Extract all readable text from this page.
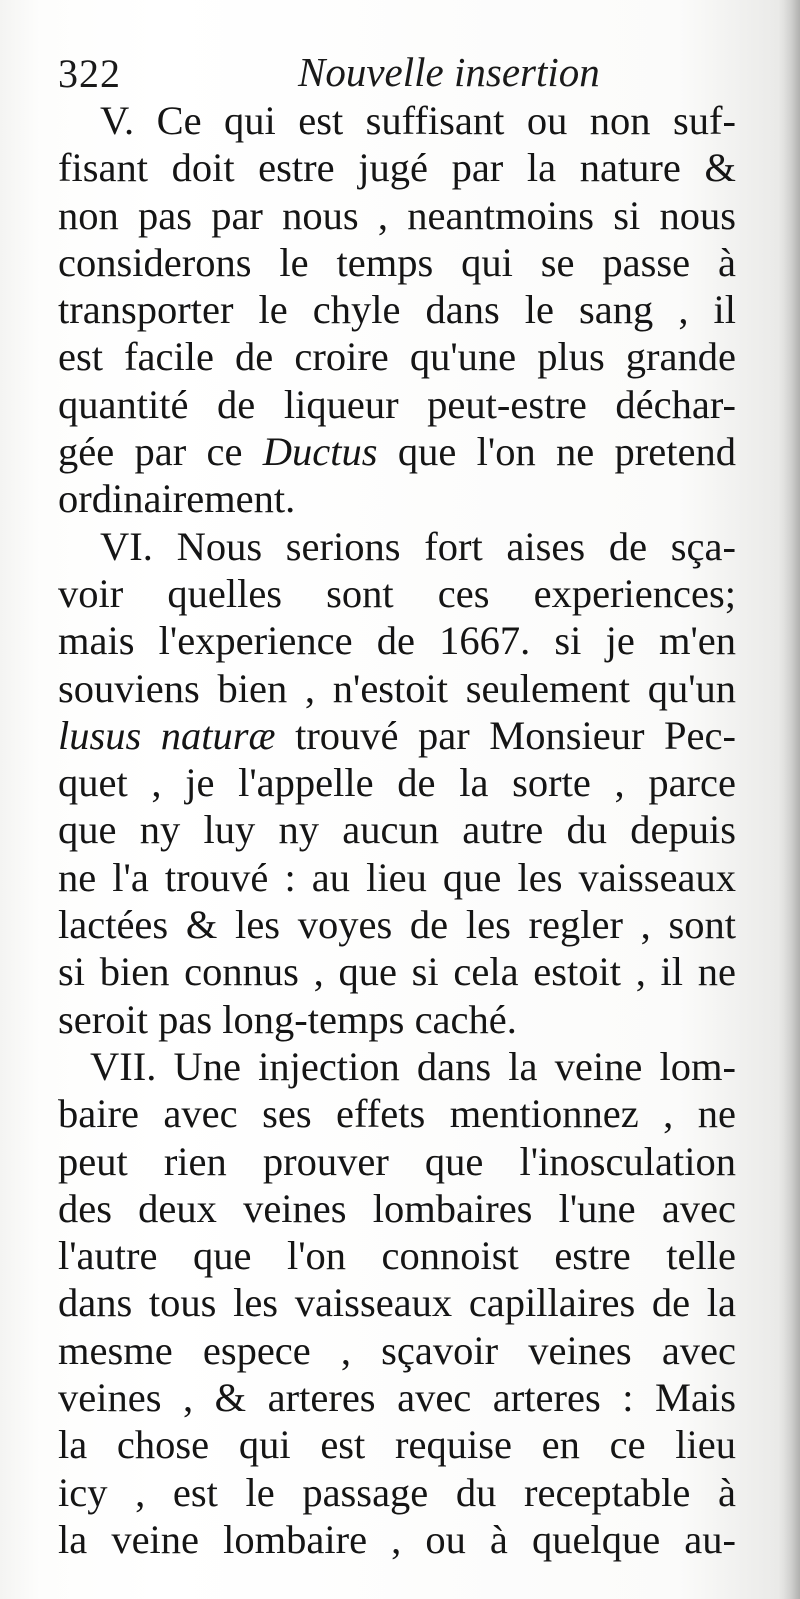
322	Nouvelle insertion
V. Ce qui est suffisant ou non suf-
fisant doit estre jugé par la nature &
non pas par nous , neantmoins si nous
considerons le temps qui se passe à
transporter le chyle dans le sang , il
est facile de croire qu'une plus grande
quantité de liqueur peut-estre déchar-
gée par ce Ductus que l'on ne pretend
ordinairement.
VI. Nous serions fort aises de sça-
voir quelles sont ces experiences;
mais l'experience de 1667. si je m'en
souviens bien , n'estoit seulement qu'un
lusus naturæ trouvé par Monsieur Pec-
quet , je l'appelle de la sorte , parce
que ny luy ny aucun autre du depuis
ne l'a trouvé : au lieu que les vaisseaux
lactées & les voyes de les regler , sont
si bien connus , que si cela estoit , il ne
seroit pas long-temps caché.
VII. Une injection dans la veine lom-
baire avec ses effets mentionnez , ne
peut rien prouver que l'inosculation
des deux veines lombaires l'une avec
l'autre que l'on connoist estre telle
dans tous les vaisseaux capillaires de la
mesme espece , sçavoir veines avec
veines , & arteres avec arteres : Mais
la chose qui est requise en ce lieu
icy , est le passage du receptable à
la veine lombaire , ou à quelque au-
